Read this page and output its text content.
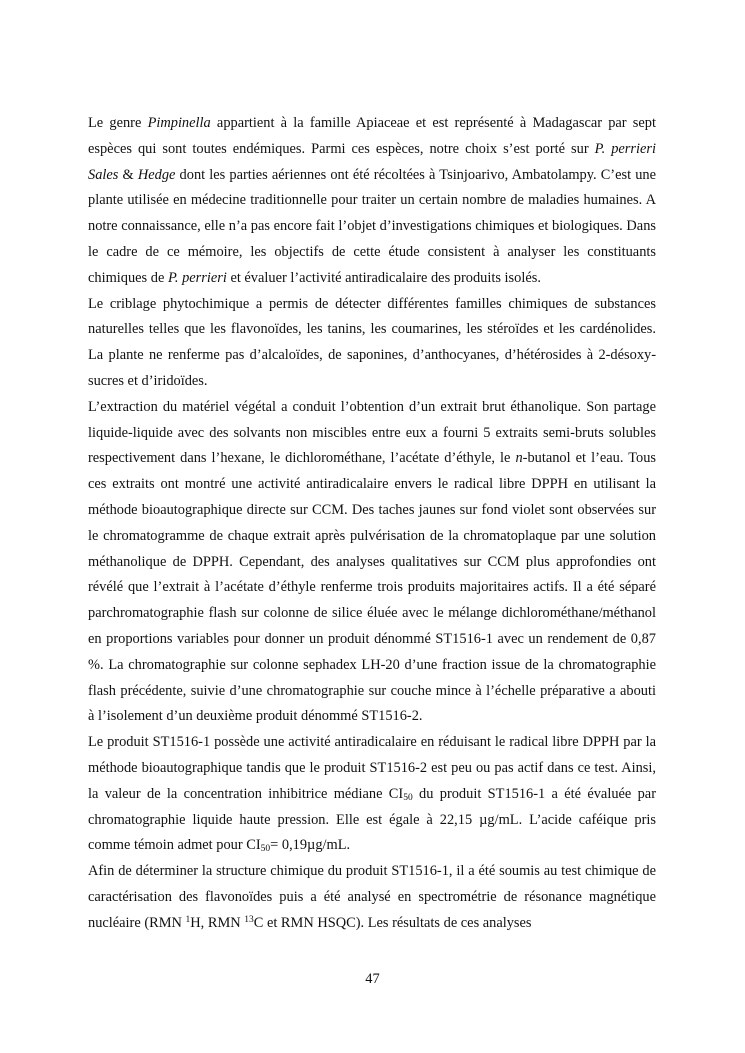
Le genre Pimpinella appartient à la famille Apiaceae et est représenté à Madagascar par sept espèces qui sont toutes endémiques. Parmi ces espèces, notre choix s’est porté sur P. perrieri Sales & Hedge dont les parties aériennes ont été récoltées à Tsinjoarivo, Ambatolampy. C’est une plante utilisée en médecine traditionnelle pour traiter un certain nombre de maladies humaines. A notre connaissance, elle n’a pas encore fait l’objet d’investigations chimiques et biologiques. Dans le cadre de ce mémoire, les objectifs de cette étude consistent à analyser les constituants chimiques de P. perrieri et évaluer l’activité antiradicalaire des produits isolés.

Le criblage phytochimique a permis de détecter différentes familles chimiques de substances naturelles telles que les flavonoïdes, les tanins, les coumarines, les stéroïdes et les cardénolides. La plante ne renferme pas d’alcaloïdes, de saponines, d’anthocyanes, d’hétérosides à 2-désoxy-sucres et d’iridoïdes.

L’extraction du matériel végétal a conduit l’obtention d’un extrait brut éthanolique. Son partage liquide-liquide avec des solvants non miscibles entre eux a fourni 5 extraits semi-bruts solubles respectivement dans l’hexane, le dichlorométhane, l’acétate d’éthyle, le n-butanol et l’eau. Tous ces extraits ont montré une activité antiradicalaire envers le radical libre DPPH en utilisant la méthode bioautographique directe sur CCM. Des taches jaunes sur fond violet sont observées sur le chromatogramme de chaque extrait après pulvérisation de la chromatoplaque par une solution méthanolique de DPPH. Cependant, des analyses qualitatives sur CCM plus approfondies ont révélé que l’extrait à l’acétate d’éthyle renferme trois produits majoritaires actifs. Il a été séparé parchromatographie flash sur colonne de silice éluée avec le mélange dichlorométhane/méthanol en proportions variables pour donner un produit dénommé ST1516-1 avec un rendement de 0,87 %. La chromatographie sur colonne sephadex LH-20 d’une fraction issue de la chromatographie flash précédente, suivie d’une chromatographie sur couche mince à l’échelle préparative a abouti à l’isolement d’un deuxième produit dénommé ST1516-2.

Le produit ST1516-1 possède une activité antiradicalaire en réduisant le radical libre DPPH par la méthode bioautographique tandis que le produit ST1516-2 est peu ou pas actif dans ce test. Ainsi, la valeur de la concentration inhibitrice médiane $CI_{50}$ du produit ST1516-1 a été évaluée par chromatographie liquide haute pression. Elle est égale à 22,15 µg/mL. L’acide caféique pris comme témoin admet pour $CI_{50}= 0,19\mu g/mL$.

Afin de déterminer la structure chimique du produit ST1516-1, il a été soumis au test chimique de caractérisation des flavonoïdes puis a été analysé en spectrométrie de résonance magnétique nucléaire (RMN $^1$H, RMN $^{13}$C et RMN HSQC). Les résultats de ces analyses

47
